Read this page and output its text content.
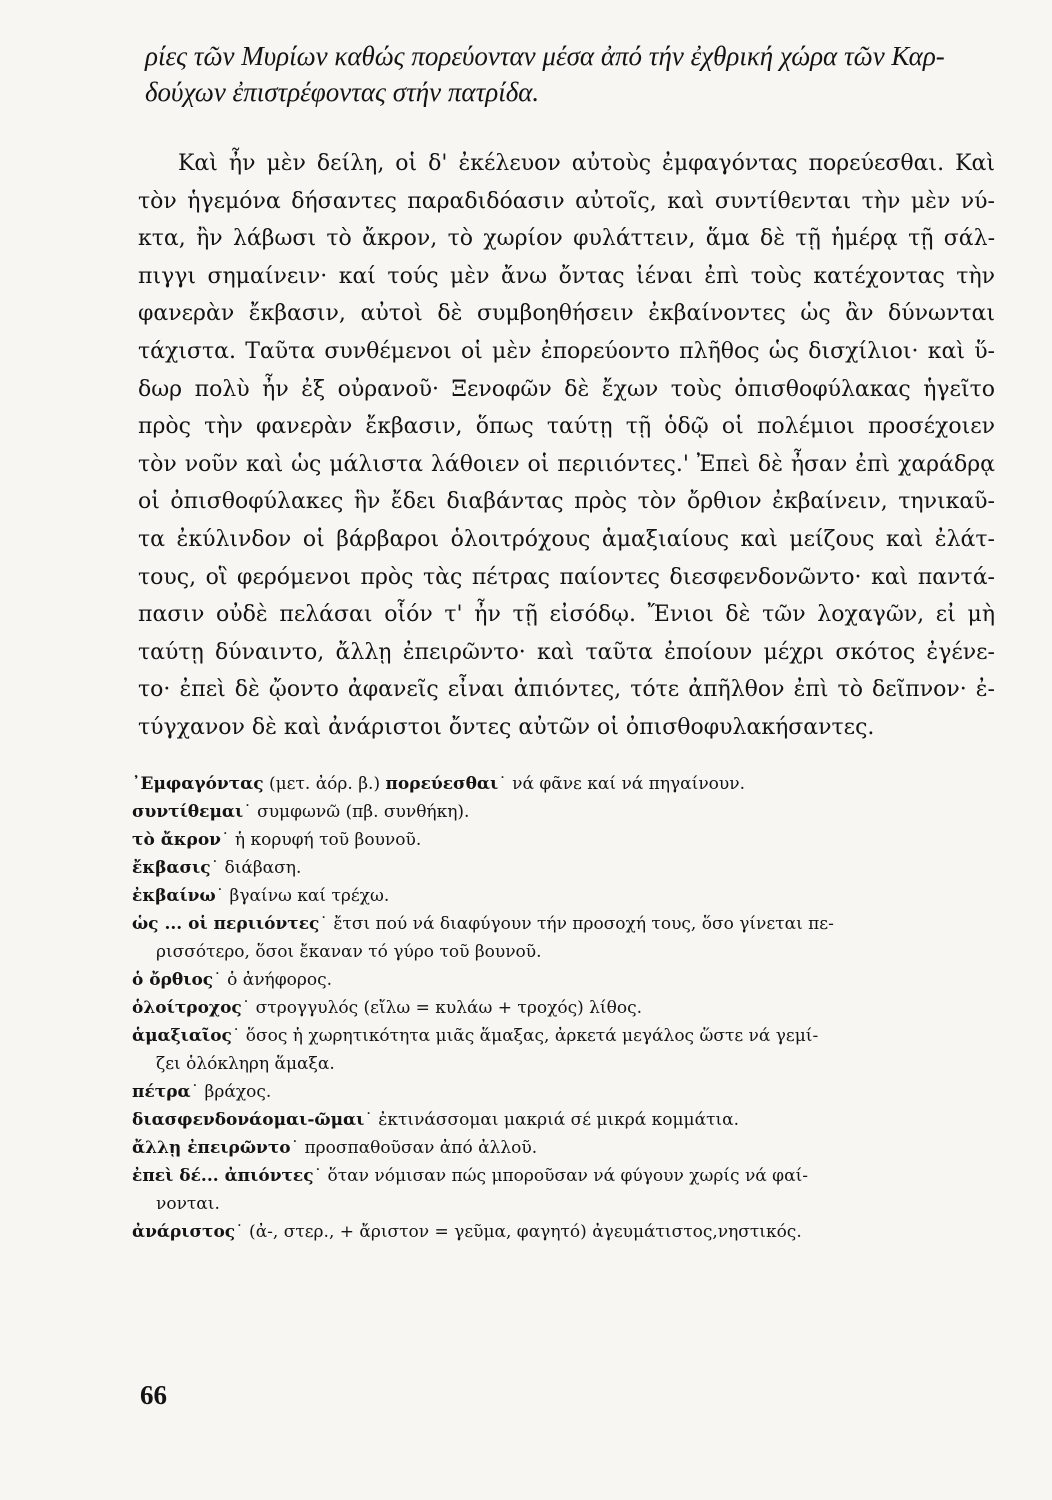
ρίες τῶν Μυρίων καθώς πορεύονταν μέσα ἀπό τήν ἐχθρική χώρα τῶν Καρ-
δούχων ἐπιστρέφοντας στήν πατρίδα.

Καὶ ἦν μὲν δείλη, οἱ δ' ἐκέλευον αὐτοὺς ἐμφαγόντας πορεύεσθαι. Καὶ
τὸν ἡγεμόνα δήσαντες παραδιδόασιν αὐτοῖς, καὶ συντίθενται τὴν μὲν νύ-
κτα, ἢν λάβωσι τὸ ἄκρον, τὸ χωρίον φυλάττειν, ἅμα δὲ τῇ ἡμέρᾳ τῇ σάλ-
πιγγι σημαίνειν· καί τούς μὲν ἄνω ὄντας ἰέναι ἐπὶ τοὺς κατέχοντας τὴν
φανερὰν ἔκβασιν, αὐτοὶ δὲ συμβοηθήσειν ἐκβαίνοντες ὡς ἂν δύνωνται
τάχιστα. Ταῦτα συνθέμενοι οἱ μὲν ἐπορεύοντο πλῆθος ὡς δισχίλιοι· καὶ ὕ-
δωρ πολὺ ἦν ἐξ οὐρανοῦ· Ξενοφῶν δὲ ἔχων τοὺς ὀπισθοφύλακας ἡγεῖτο
πρὸς τὴν φανερὰν ἔκβασιν, ὅπως ταύτῃ τῇ ὁδῷ οἱ πολέμιοι προσέχοιεν
τὸν νοῦν καὶ ὡς μάλιστα λάθοιεν οἱ περιιόντες.' Ἐπεὶ δὲ ἦσαν ἐπὶ χαράδρᾳ
οἱ ὀπισθοφύλακες ἣν ἔδει διαβάντας πρὸς τὸν ὄρθιον ἐκβαίνειν, τηνικαῦ-
τα ἐκύλινδον οἱ βάρβαροι ὁλοιτρόχους ἁμαξιαίους καὶ μείζους καὶ ἐλάτ-
τους, οἳ φερόμενοι πρὸς τὰς πέτρας παίοντες διεσφενδονῶντο· καὶ παντά-
πασιν οὐδὲ πελάσαι οἷόν τ' ἦν τῇ εἰσόδῳ. Ἔνιοι δὲ τῶν λοχαγῶν, εἰ μὴ
ταύτῃ δύναιντο, ἄλλῃ ἐπειρῶντο· καὶ ταῦτα ἐποίουν μέχρι σκότος ἐγένε-
το· ἐπεὶ δὲ ᾤοντο ἀφανεῖς εἶναι ἀπιόντες, τότε ἀπῆλθον ἐπὶ τὸ δεῖπνον· ἐ-
τύγχανον δὲ καὶ ἀνάριστοι ὄντες αὐτῶν οἱ ὀπισθοφυλακήσαντες.

᾿Εμφαγόντας (μετ. ἀόρ. β.) πορεύεσθαι˙ νά φᾶνε καί νά πηγαίνουν.
συντίθεμαι˙ συμφωνῶ (πβ. συνθήκη).
τὸ ἄκρον˙ ἡ κορυφή τοῦ βουνοῦ.
ἔκβασις˙ διάβαση.
ἐκβαίνω˙ βγαίνω καί τρέχω.
ὡς ... οἱ περιιόντες˙ ἔτσι πού νά διαφύγουν τήν προσοχή τους, ὅσο γίνεται πε-
ρισσότερο, ὅσοι ἔκαναν τό γύρο τοῦ βουνοῦ.
ὁ ὄρθιος˙ ὁ ἀνήφορος.
ὁλοίτροχος˙ στρογγυλός (εἴλω = κυλάω + τροχός) λίθος.
ἁμαξιαῖος˙ ὅσος ἡ χωρητικότητα μιᾶς ἅμαξας, ἀρκετά μεγάλος ὥστε νά γεμί-
ζει ὁλόκληρη ἅμαξα.
πέτρα˙ βράχος.
διασφενδονάομαι-ῶμαι˙ ἐκτινάσσομαι μακριά σέ μικρά κομμάτια.
ἄλλῃ ἐπειρῶντο˙ προσπαθοῦσαν ἀπό ἀλλοῦ.
ἐπεὶ δέ... ἀπιόντες˙ ὅταν νόμισαν πώς μποροῦσαν νά φύγουν χωρίς νά φαί-
νονται.
ἀνάριστος˙ (ἀ-, στερ., + ἄριστον = γεῦμα, φαγητό) ἀγευμάτιστος,νηστικός.
66
